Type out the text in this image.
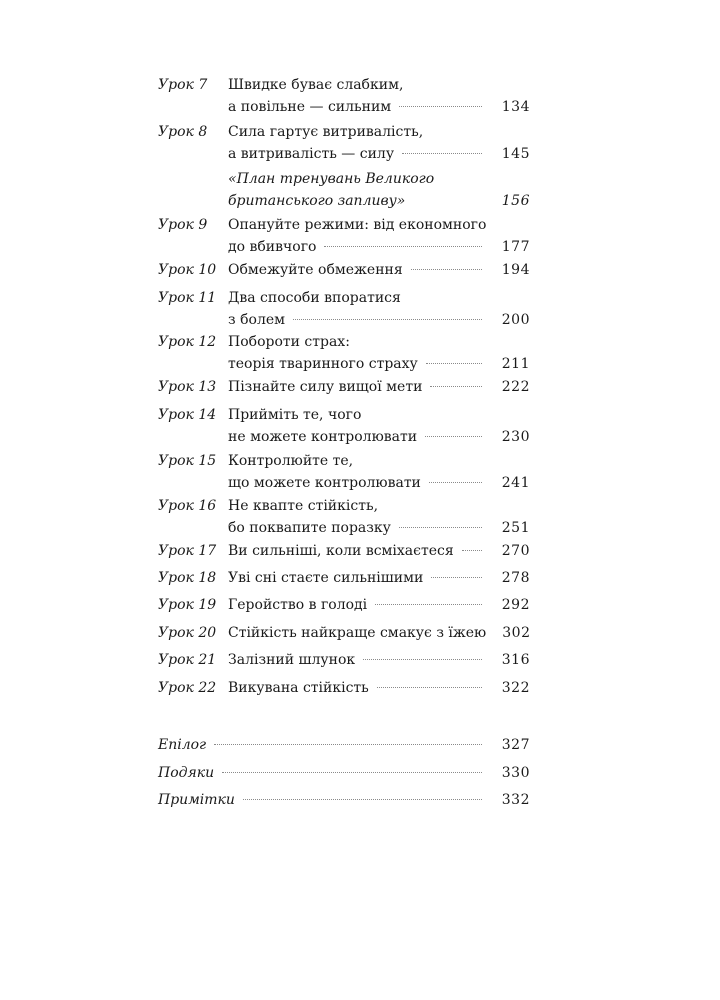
Урок 7 Швидке буває слабким,
а повільне — сильним	134
Урок 8 Сила гартує витривалість,
а витривалість — силу	145
«План тренувань Великого
британського запливу»	156
Урок 9 Опануйте режими: від економного
до вбивчого	177
Урок 10 Обмежуйте обмеження	194
Урок 11 Два способи впоратися
з болем	200
Урок 12 Побороти страх:
теорія тваринного страху	211
Урок 13 Пізнайте силу вищої мети	222
Урок 14 Прийміть те, чого
не можете контролювати	230
Урок 15 Контролюйте те,
що можете контролювати	241
Урок 16 Не квапте стійкість,
бо поквапите поразку	251
Урок 17 Ви сильніші, коли всміхаєтеся	270
Урок 18 Уві сні стаєте сильнішими	278
Урок 19 Геройство в голоді	292
Урок 20 Стійкість найкраще смакує з їжею 302
Урок 21 Залізний шлунок	316
Урок 22 Викувана стійкість	322
Епілог	327
Подяки	330
Примітки	332
